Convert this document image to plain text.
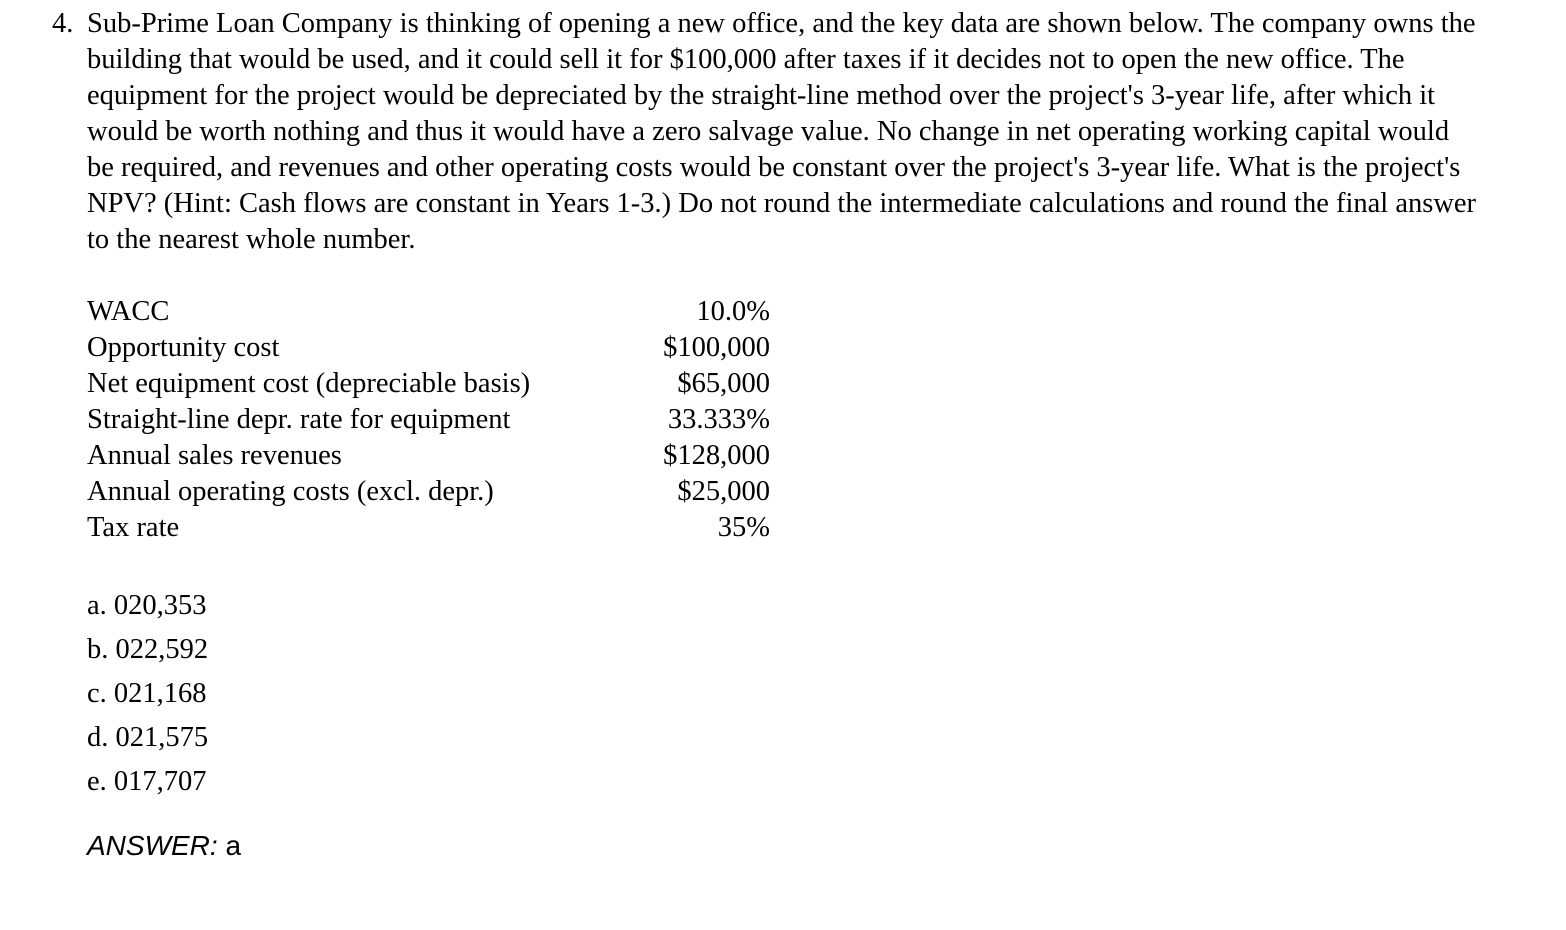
4. Sub-Prime Loan Company is thinking of opening a new office, and the key data are shown below. The company owns the building that would be used, and it could sell it for $100,000 after taxes if it decides not to open the new office. The equipment for the project would be depreciated by the straight-line method over the project's 3-year life, after which it would be worth nothing and thus it would have a zero salvage value. No change in net operating working capital would be required, and revenues and other operating costs would be constant over the project's 3-year life. What is the project's NPV? (Hint: Cash flows are constant in Years 1-3.) Do not round the intermediate calculations and round the final answer to the nearest whole number.
WACC	10.0%
Opportunity cost	$100,000
Net equipment cost (depreciable basis)	$65,000
Straight-line depr. rate for equipment	33.333%
Annual sales revenues	$128,000
Annual operating costs (excl. depr.)	$25,000
Tax rate	35%
a. 020,353
b. 022,592
c. 021,168
d. 021,575
e. 017,707
ANSWER: a
